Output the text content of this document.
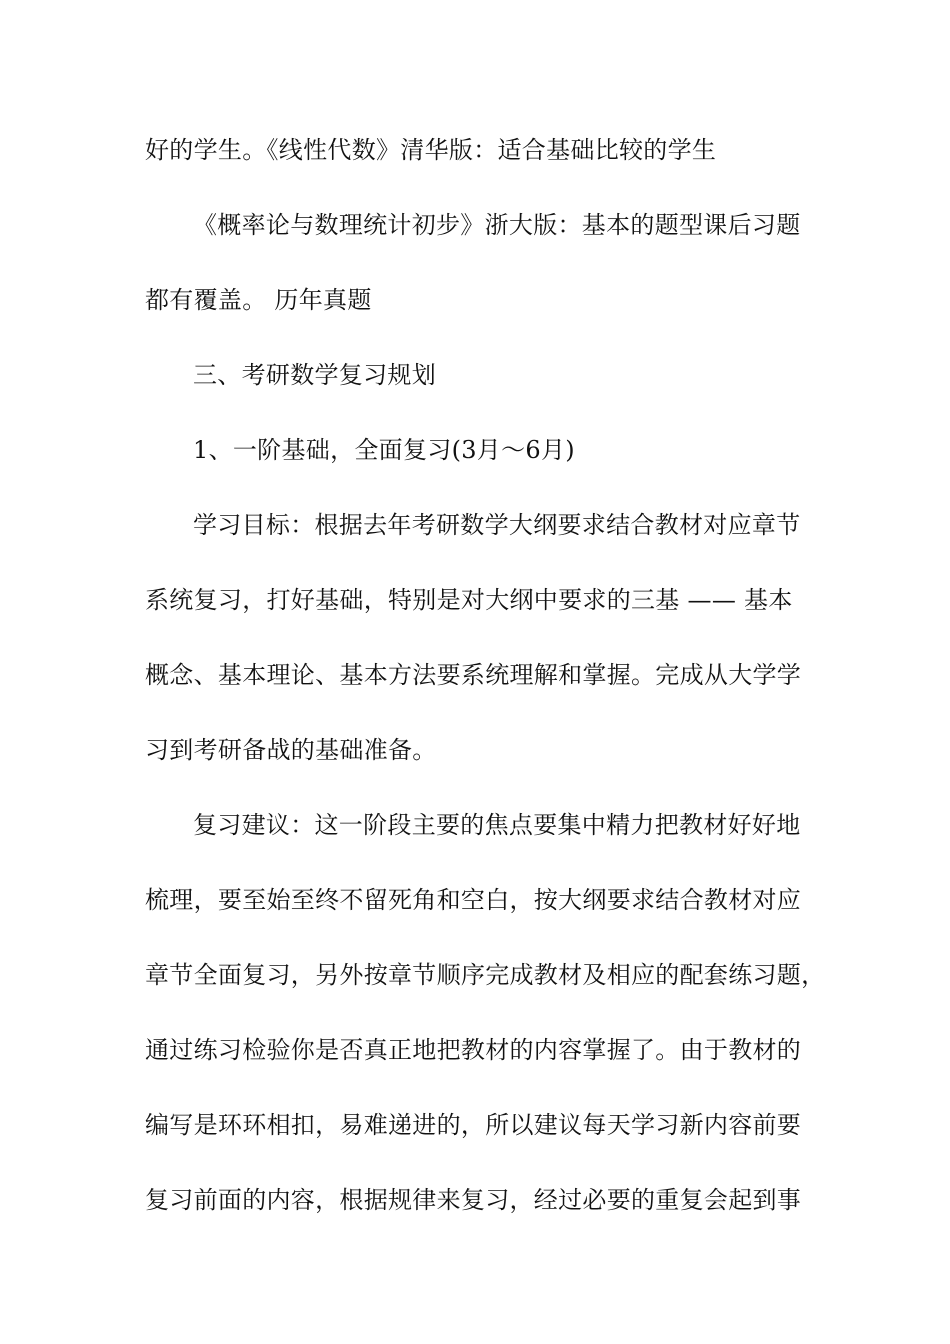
好的学生。《线性代数》清华版：适合基础比较的学生
《概率论与数理统计初步》浙大版：基本的题型课后习题
都有覆盖。 历年真题
三、考研数学复习规划
1、一阶基础，全面复习(3月～6月)
学习目标：根据去年考研数学大纲要求结合教材对应章节
系统复习，打好基础，特别是对大纲中要求的三基 —— 基本
概念、基本理论、基本方法要系统理解和掌握。完成从大学学
习到考研备战的基础准备。
复习建议：这一阶段主要的焦点要集中精力把教材好好地
梳理，要至始至终不留死角和空白，按大纲要求结合教材对应
章节全面复习，另外按章节顺序完成教材及相应的配套练习题，
通过练习检验你是否真正地把教材的内容掌握了。由于教材的
编写是环环相扣，易难递进的，所以建议每天学习新内容前要
复习前面的内容，根据规律来复习，经过必要的重复会起到事
